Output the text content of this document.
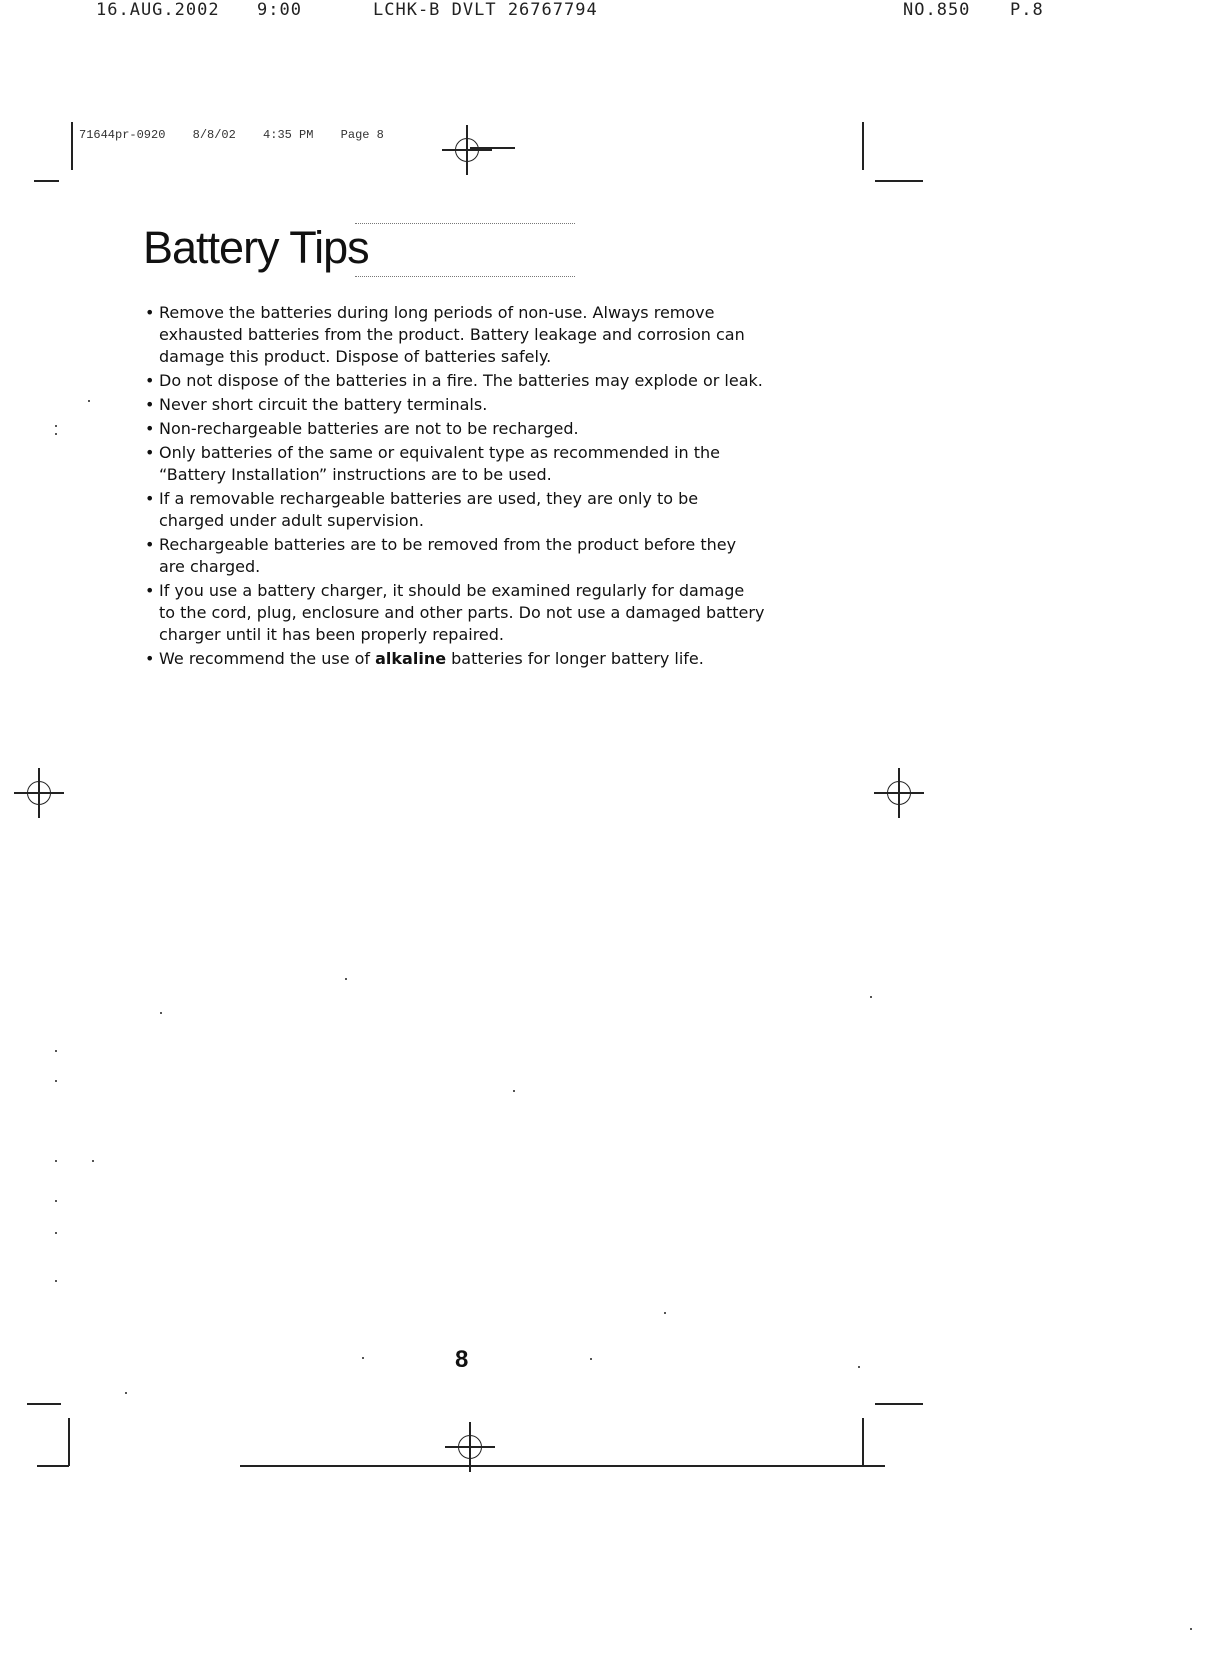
16.AUG.2002 9:00	LCHK-B DVLT 26767794	NO.850 P.8
71644pr-0920 8/8/02 4:35 PM Page 8
Battery Tips
• Remove the batteries during long periods of non-use. Always remove exhausted batteries from the product. Battery leakage and corrosion can damage this product. Dispose of batteries safely.
• Do not dispose of the batteries in a fire. The batteries may explode or leak.
• Never short circuit the battery terminals.
• Non-rechargeable batteries are not to be recharged.
• Only batteries of the same or equivalent type as recommended in the “Battery Installation” instructions are to be used.
• If a removable rechargeable batteries are used, they are only to be charged under adult supervision.
• Rechargeable batteries are to be removed from the product before they are charged.
• If you use a battery charger, it should be examined regularly for damage to the cord, plug, enclosure and other parts. Do not use a damaged battery charger until it has been properly repaired.
• We recommend the use of alkaline batteries for longer battery life.
8
